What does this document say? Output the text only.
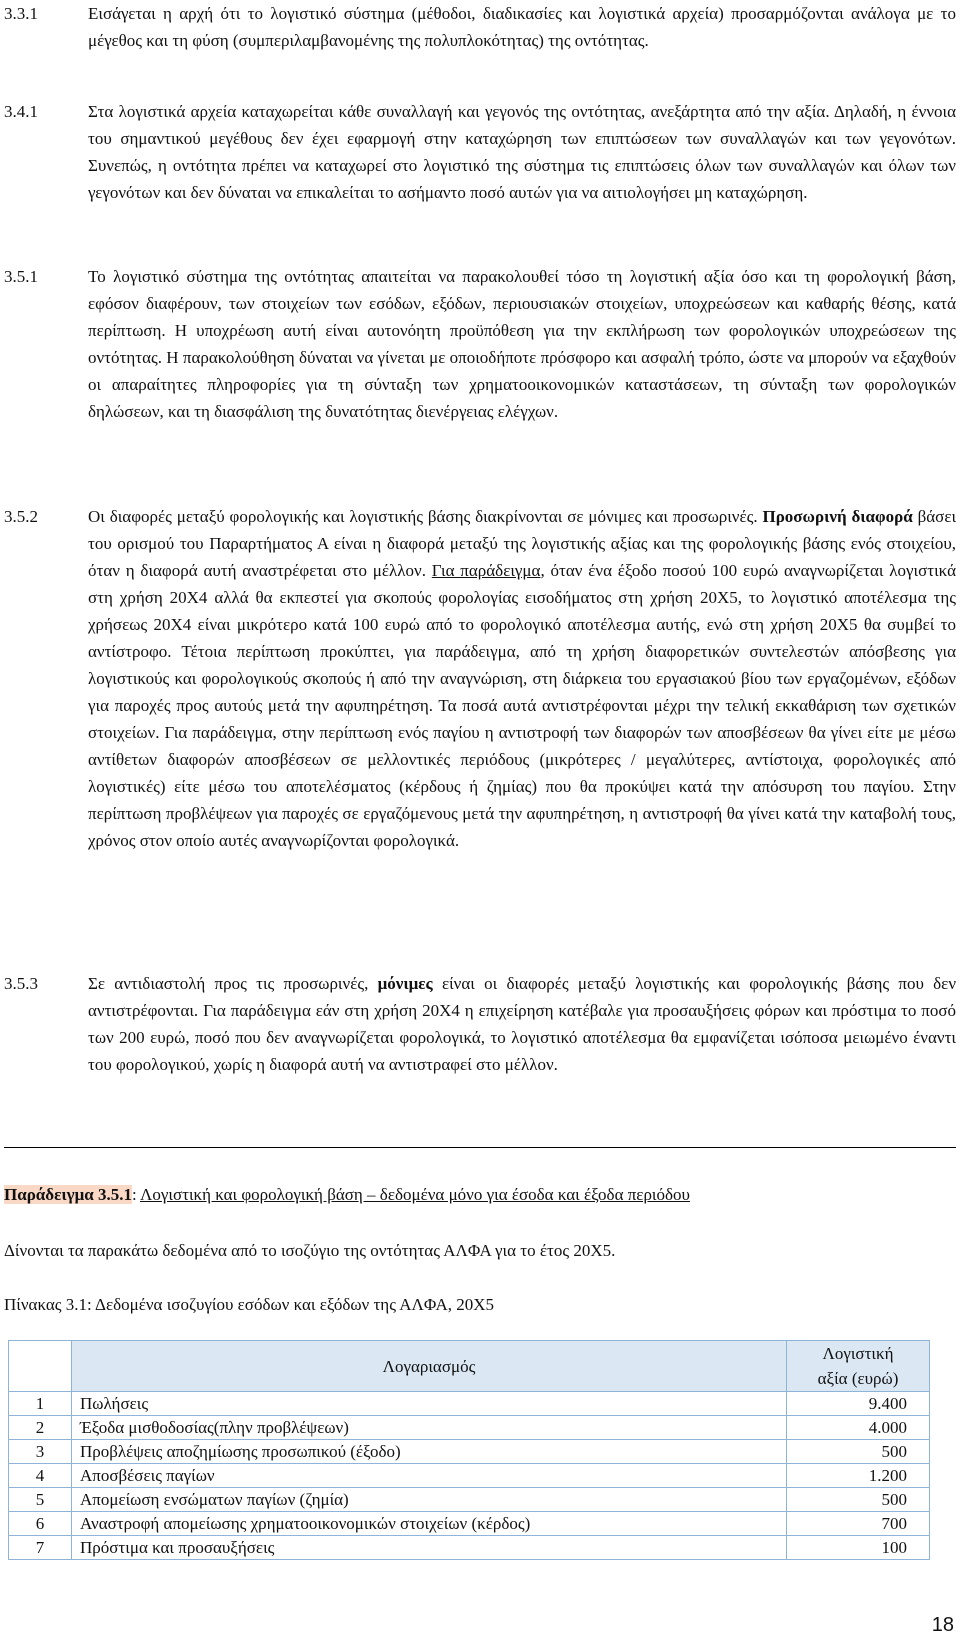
3.3.1	Εισάγεται η αρχή ότι το λογιστικό σύστημα (μέθοδοι, διαδικασίες και λογιστικά αρχεία) προσαρμόζονται ανάλογα με το μέγεθος και τη φύση (συμπεριλαμβανομένης της πολυπλοκότητας) της οντότητας.

3.4.1	Στα λογιστικά αρχεία καταχωρείται κάθε συναλλαγή και γεγονός της οντότητας, ανεξάρτητα από την αξία. Δηλαδή, η έννοια του σημαντικού μεγέθους δεν έχει εφαρμογή στην καταχώρηση των επιπτώσεων των συναλλαγών και των γεγονότων. Συνεπώς, η οντότητα πρέπει να καταχωρεί στο λογιστικό της σύστημα τις επιπτώσεις όλων των συναλλαγών και όλων των γεγονότων και δεν δύναται να επικαλείται το ασήμαντο ποσό αυτών για να αιτιολογήσει μη καταχώρηση.

3.5.1	Το λογιστικό σύστημα της οντότητας απαιτείται να παρακολουθεί τόσο τη λογιστική αξία όσο και τη φορολογική βάση, εφόσον διαφέρουν, των στοιχείων των εσόδων, εξόδων, περιουσιακών στοιχείων, υποχρεώσεων και καθαρής θέσης, κατά περίπτωση. Η υποχρέωση αυτή είναι αυτονόητη προϋπόθεση για την εκπλήρωση των φορολογικών υποχρεώσεων της οντότητας. Η παρακολούθηση δύναται να γίνεται με οποιοδήποτε πρόσφορο και ασφαλή τρόπο, ώστε να μπορούν να εξαχθούν οι απαραίτητες πληροφορίες για τη σύνταξη των χρηματοοικονομικών καταστάσεων, τη σύνταξη των φορολογικών δηλώσεων, και τη διασφάλιση της δυνατότητας διενέργειας ελέγχων.

3.5.2	Οι διαφορές μεταξύ φορολογικής και λογιστικής βάσης διακρίνονται σε μόνιμες και προσωρινές. Προσωρινή διαφορά βάσει του ορισμού του Παραρτήματος Α είναι η διαφορά μεταξύ της λογιστικής αξίας και της φορολογικής βάσης ενός στοιχείου, όταν η διαφορά αυτή αναστρέφεται στο μέλλον. Για παράδειγμα, όταν ένα έξοδο ποσού 100 ευρώ αναγνωρίζεται λογιστικά στη χρήση 20Χ4 αλλά θα εκπεστεί για σκοπούς φορολογίας εισοδήματος στη χρήση 20Χ5, το λογιστικό αποτέλεσμα της χρήσεως 20Χ4 είναι μικρότερο κατά 100 ευρώ από το φορολογικό αποτέλεσμα αυτής, ενώ στη χρήση 20Χ5 θα συμβεί το αντίστροφο. Τέτοια περίπτωση προκύπτει, για παράδειγμα, από τη χρήση διαφορετικών συντελεστών απόσβεσης για λογιστικούς και φορολογικούς σκοπούς ή από την αναγνώριση, στη διάρκεια του εργασιακού βίου των εργαζομένων, εξόδων για παροχές προς αυτούς μετά την αφυπηρέτηση. Τα ποσά αυτά αντιστρέφονται μέχρι την τελική εκκαθάριση των σχετικών στοιχείων. Για παράδειγμα, στην περίπτωση ενός παγίου η αντιστροφή των διαφορών των αποσβέσεων θα γίνει είτε με μέσω αντίθετων διαφορών αποσβέσεων σε μελλοντικές περιόδους (μικρότερες / μεγαλύτερες, αντίστοιχα, φορολογικές από λογιστικές) είτε μέσω του αποτελέσματος (κέρδους ή ζημίας) που θα προκύψει κατά την απόσυρση του παγίου. Στην περίπτωση προβλέψεων για παροχές σε εργαζόμενους μετά την αφυπηρέτηση, η αντιστροφή θα γίνει κατά την καταβολή τους, χρόνος στον οποίο αυτές αναγνωρίζονται φορολογικά.

3.5.3	Σε αντιδιαστολή προς τις προσωρινές, μόνιμες είναι οι διαφορές μεταξύ λογιστικής και φορολογικής βάσης που δεν αντιστρέφονται. Για παράδειγμα εάν στη χρήση 20Χ4 η επιχείρηση κατέβαλε για προσαυξήσεις φόρων και πρόστιμα το ποσό των 200 ευρώ, ποσό που δεν αναγνωρίζεται φορολογικά, το λογιστικό αποτέλεσμα θα εμφανίζεται ισόποσα μειωμένο έναντι του φορολογικού, χωρίς η διαφορά αυτή να αντιστραφεί στο μέλλον.

Παράδειγμα 3.5.1: Λογιστική και φορολογική βάση – δεδομένα μόνο για έσοδα και έξοδα περιόδου
Δίνονται τα παρακάτω δεδομένα από το ισοζύγιο της οντότητας ΑΛΦΑ για το έτος 20Χ5.
Πίνακας 3.1: Δεδομένα ισοζυγίου εσόδων και εξόδων της ΑΛΦΑ, 20Χ5
	Λογαριασμός	Λογιστική
αξία (ευρώ)
1	Πωλήσεις	9.400
2	Έξοδα μισθοδοσίας(πλην προβλέψεων)	4.000
3	Προβλέψεις αποζημίωσης προσωπικού (έξοδο)	500
4	Αποσβέσεις παγίων	1.200
5	Απομείωση ενσώματων παγίων (ζημία)	500
6	Αναστροφή απομείωσης χρηματοοικονομικών στοιχείων (κέρδος)	700
7	Πρόστιμα και προσαυξήσεις	100
18
